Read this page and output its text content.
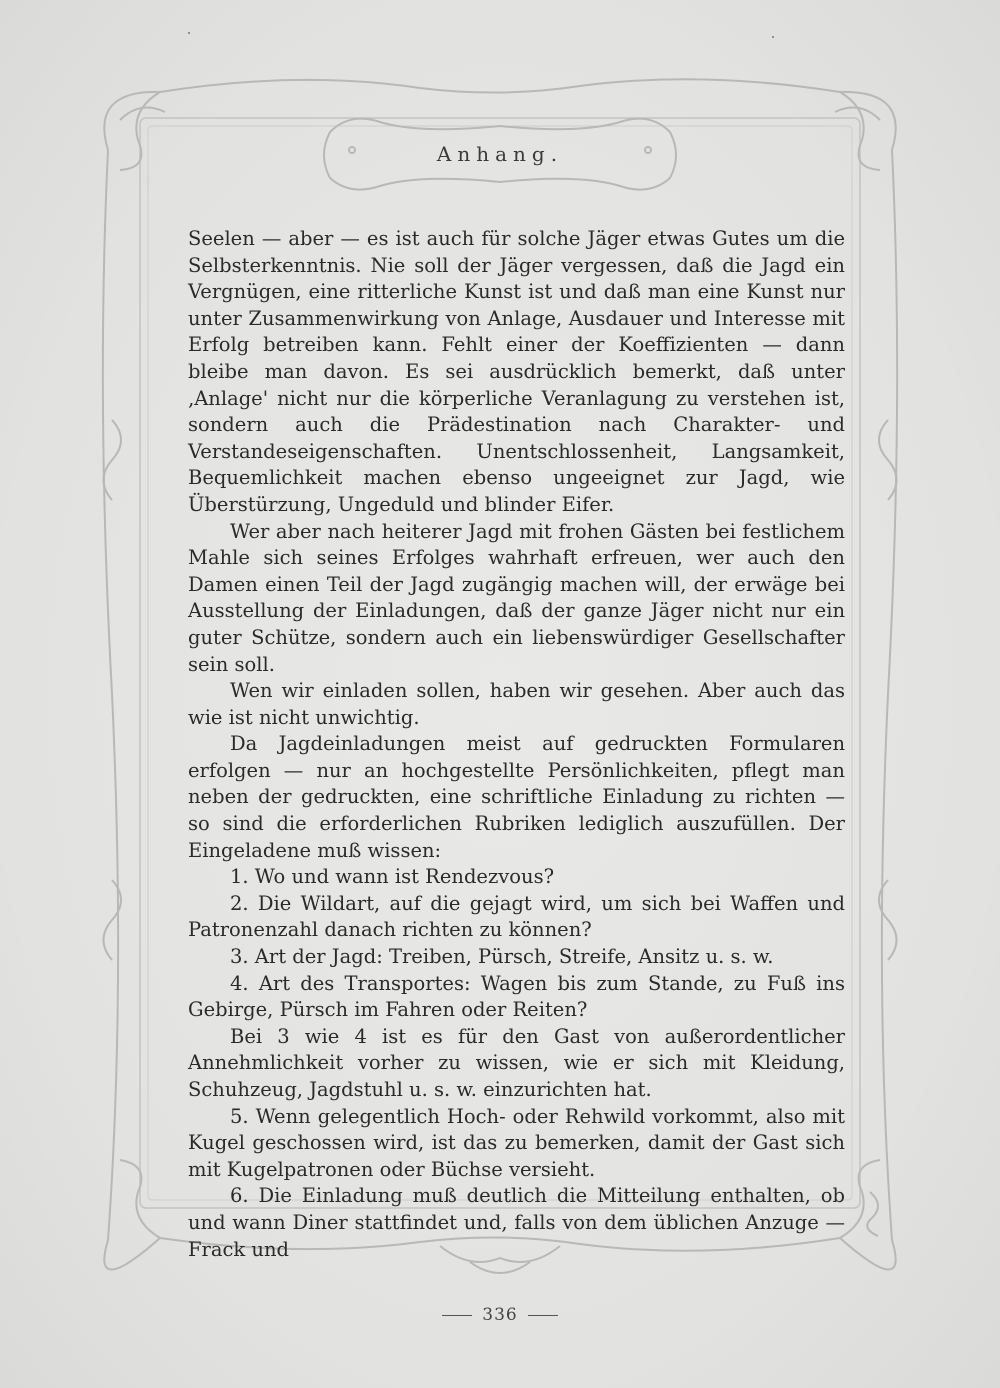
Anhang.

Seelen — aber — es ist auch für solche Jäger etwas Gutes um die Selbsterkenntnis. Nie soll der Jäger vergessen, daß die Jagd ein Vergnügen, eine ritterliche Kunst ist und daß man eine Kunst nur unter Zusammenwirkung von Anlage, Ausdauer und Interesse mit Erfolg betreiben kann. Fehlt einer der Koeffizienten — dann bleibe man davon. Es sei ausdrücklich bemerkt, daß unter ‚Anlage' nicht nur die körperliche Veranlagung zu verstehen ist, sondern auch die Prädestination nach Charakter- und Verstandeseigenschaften. Unentschlossenheit, Langsamkeit, Bequemlichkeit machen ebenso ungeeignet zur Jagd, wie Überstürzung, Ungeduld und blinder Eifer.

Wer aber nach heiterer Jagd mit frohen Gästen bei festlichem Mahle sich seines Erfolges wahrhaft erfreuen, wer auch den Damen einen Teil der Jagd zugängig machen will, der erwäge bei Ausstellung der Einladungen, daß der ganze Jäger nicht nur ein guter Schütze, sondern auch ein liebenswürdiger Gesellschafter sein soll.

Wen wir einladen sollen, haben wir gesehen. Aber auch das wie ist nicht unwichtig.

Da Jagdeinladungen meist auf gedruckten Formularen erfolgen — nur an hochgestellte Persönlichkeiten, pflegt man neben der gedruckten, eine schriftliche Einladung zu richten — so sind die erforderlichen Rubriken lediglich auszufüllen. Der Eingeladene muß wissen:

1. Wo und wann ist Rendezvous?

2. Die Wildart, auf die gejagt wird, um sich bei Waffen und Patronenzahl danach richten zu können?

3. Art der Jagd: Treiben, Pürsch, Streife, Ansitz u. s. w.

4. Art des Transportes: Wagen bis zum Stande, zu Fuß ins Gebirge, Pürsch im Fahren oder Reiten?

Bei 3 wie 4 ist es für den Gast von außerordentlicher Annehmlichkeit vorher zu wissen, wie er sich mit Kleidung, Schuhzeug, Jagdstuhl u. s. w. einzurichten hat.

5. Wenn gelegentlich Hoch- oder Rehwild vorkommt, also mit Kugel geschossen wird, ist das zu bemerken, damit der Gast sich mit Kugelpatronen oder Büchse versieht.

6. Die Einladung muß deutlich die Mitteilung enthalten, ob und wann Diner stattfindet und, falls von dem üblichen Anzuge — Frack und

336
